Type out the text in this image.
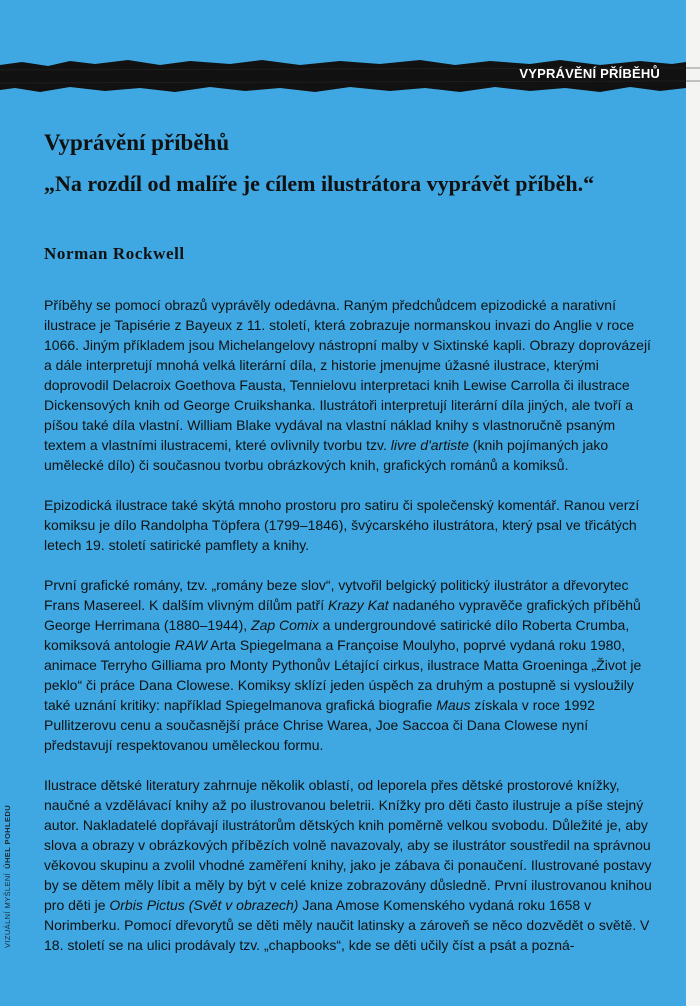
VYPRÁVĚNÍ PŘÍBĚHŮ
Vyprávění příběhů

„Na rozdíl od malíře je cílem ilustrátora vyprávět příběh.“

Norman Rockwell

Příběhy se pomocí obrazů vyprávěly odedávna. Raným předchůdcem epizodické a narativní ilustrace je Tapisérie z Bayeux z 11. století, která zobrazuje normanskou invazi do Anglie v roce 1066. Jiným příkladem jsou Michelangelovy nástropní malby v Sixtinské kapli. Obrazy doprovázejí a dále interpretují mnohá velká literární díla, z historie jmenujme úžasné ilustrace, kterými doprovodil Delacroix Goethova Fausta, Tennielovu interpretaci knih Lewise Carrolla či ilustrace Dickensových knih od George Cruikshanka. Ilustrátoři interpretují literární díla jiných, ale tvoří a píšou také díla vlastní. William Blake vydával na vlastní náklad knihy s vlastnoručně psaným textem a vlastními ilustracemi, které ovlivnily tvorbu tzv. livre d'artiste (knih pojímaných jako umělecké dílo) či současnou tvorbu obrázkových knih, grafických románů a komiksů.

Epizodická ilustrace také skýtá mnoho prostoru pro satiru či společenský komentář. Ranou verzí komiksu je dílo Randolpha Töpfera (1799–1846), švýcarského ilustrátora, který psal ve třicátých letech 19. století satirické pamflety a knihy.

První grafické romány, tzv. „romány beze slov“, vytvořil belgický politický ilustrátor a dřevorytec Frans Masereel. K dalším vlivným dílům patří Krazy Kat nadaného vypravěče grafických příběhů George Herrimana (1880–1944), Zap Comix a undergroundové satirické dílo Roberta Crumba, komiksová antologie RAW Arta Spiegelmana a Françoise Moulyho, poprvé vydaná roku 1980, animace Terryho Gilliama pro Monty Pythonův Létající cirkus, ilustrace Matta Groeninga „Život je peklo“ či práce Dana Clowese. Komiksy sklízí jeden úspěch za druhým a postupně si vysloužily také uznání kritiky: například Spiegelmanova grafická biografie Maus získala v roce 1992 Pullitzerovu cenu a současnější práce Chrise Warea, Joe Saccoa či Dana Clowese nyní představují respektovanou uměleckou formu.

Ilustrace dětské literatury zahrnuje několik oblastí, od leporela přes dětské prostorové knížky, naučné a vzdělávací knihy až po ilustrovanou beletrii. Knížky pro děti často ilustruje a píše stejný autor. Nakladatelé dopřávají ilustrátorům dětských knih poměrně velkou svobodu. Důležité je, aby slova a obrazy v obrázkových příbězích volně navazovaly, aby se ilustrátor soustředil na správnou věkovou skupinu a zvolil vhodné zaměření knihy, jako je zábava či ponaučení. Ilustrované postavy by se dětem měly líbit a měly by být v celé knize zobrazovány důsledně. První ilustrovanou knihou pro děti je Orbis Pictus (Svět v obrazech) Jana Amose Komenského vydaná roku 1658 v Norimberku. Pomocí dřevorytů se děti měly naučit latinsky a zároveň se něco dozvědět o světě. V 18. století se na ulici prodávaly tzv. „chapbooks“, kde se děti učily číst a psát a pozná-

VIZUÁLNÍ MYŠLENÍÚHEL POHLEDU
